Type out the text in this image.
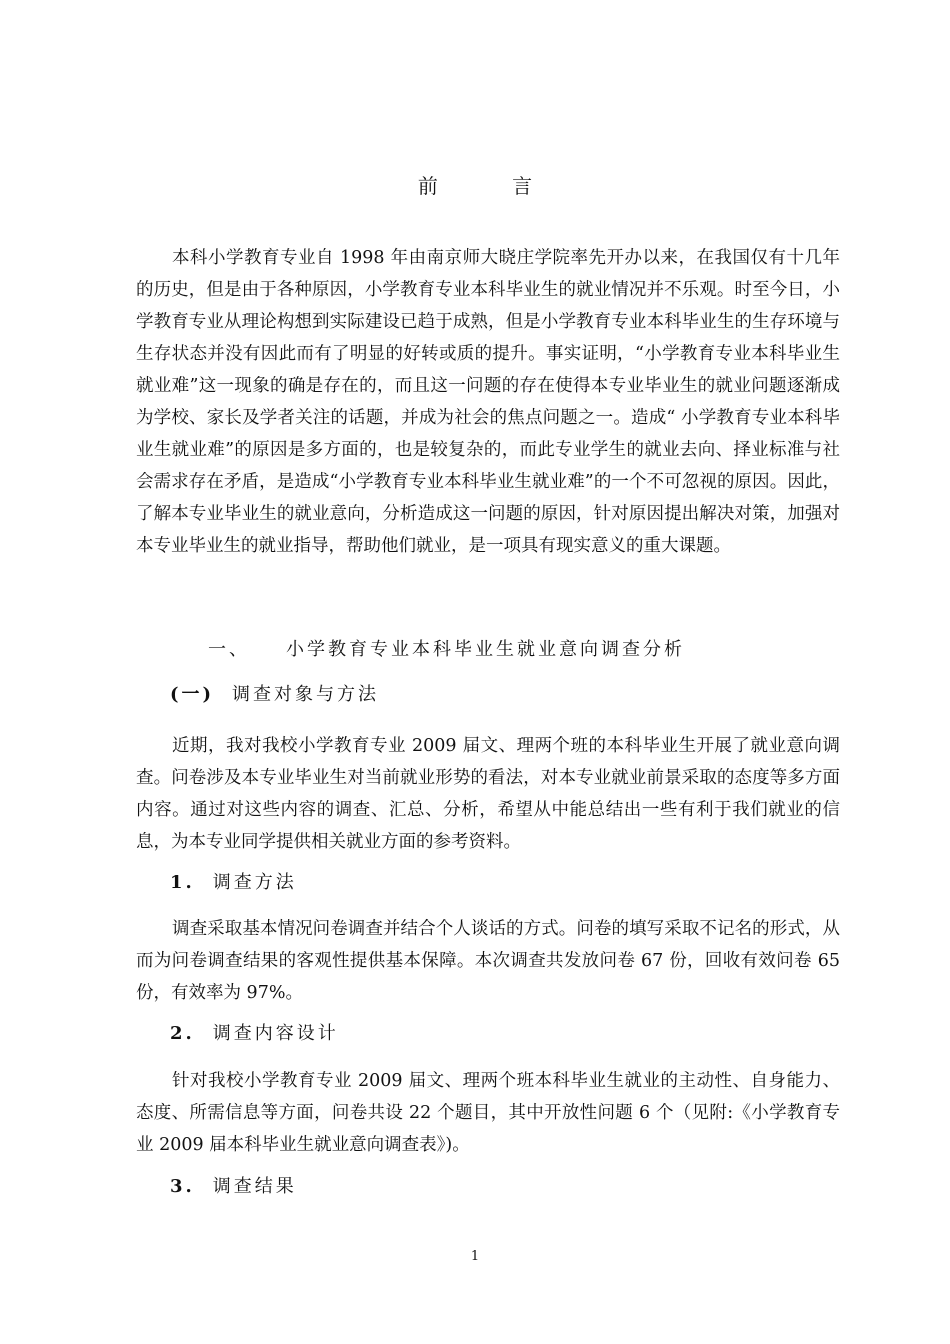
前 言

本科小学教育专业自 1998 年由南京师大晓庄学院率先开办以来，在我国仅有十几年的历史，但是由于各种原因，小学教育专业本科毕业生的就业情况并不乐观。时至今日，小学教育专业从理论构想到实际建设已趋于成熟，但是小学教育专业本科毕业生的生存环境与生存状态并没有因此而有了明显的好转或质的提升。事实证明，“小学教育专业本科毕业生就业难”这一现象的确是存在的，而且这一问题的存在使得本专业毕业生的就业问题逐渐成为学校、家长及学者关注的话题，并成为社会的焦点问题之一。造成“ 小学教育专业本科毕业生就业难”的原因是多方面的，也是较复杂的，而此专业学生的就业去向、择业标准与社会需求存在矛盾，是造成“小学教育专业本科毕业生就业难”的一个不可忽视的原因。因此，了解本专业毕业生的就业意向，分析造成这一问题的原因，针对原因提出解决对策，加强对本专业毕业生的就业指导，帮助他们就业，是一项具有现实意义的重大课题。

一、 小学教育专业本科毕业生就业意向调查分析
(一) 调查对象与方法

近期，我对我校小学教育专业 2009 届文、理两个班的本科毕业生开展了就业意向调查。问卷涉及本专业毕业生对当前就业形势的看法，对本专业就业前景采取的态度等多方面内容。通过对这些内容的调查、汇总、分析，希望从中能总结出一些有利于我们就业的信息，为本专业同学提供相关就业方面的参考资料。

1. 调查方法

调查采取基本情况问卷调查并结合个人谈话的方式。问卷的填写采取不记名的形式，从而为问卷调查结果的客观性提供基本保障。本次调查共发放问卷 67 份，回收有效问卷 65 份，有效率为 97%。

2. 调查内容设计

针对我校小学教育专业 2009 届文、理两个班本科毕业生就业的主动性、自身能力、态度、所需信息等方面，问卷共设 22 个题目，其中开放性问题 6 个（见附:《小学教育专业 2009 届本科毕业生就业意向调查表》)。

3. 调查结果
1
